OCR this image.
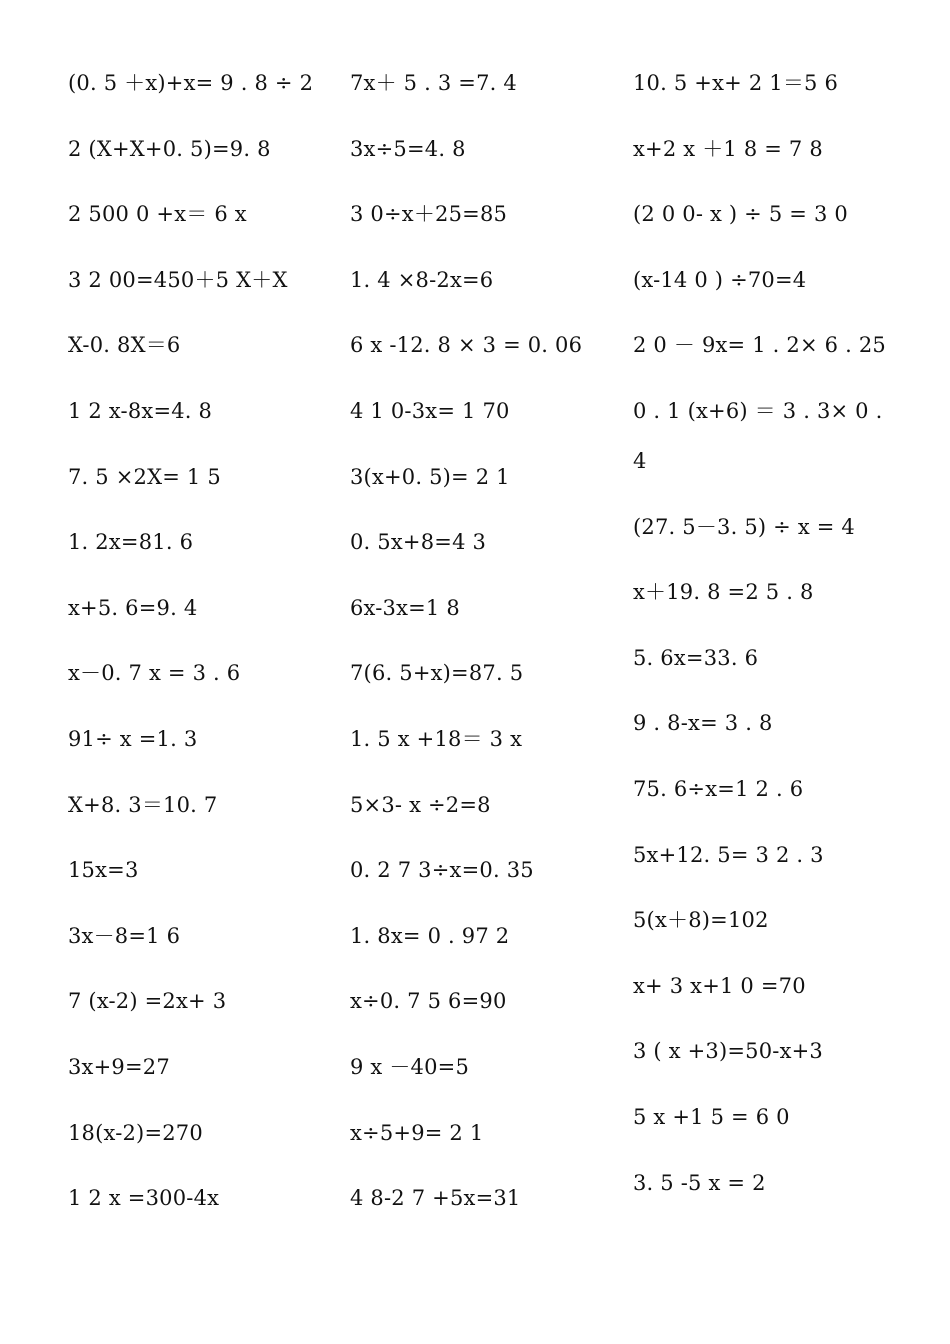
(0. 5 ＋x)+x= 9 . 8 ÷ 2
2 (X+X+0. 5)=9. 8
2 500 0 +x＝ 6 x
3 2 00=450＋5 X＋X
X-0. 8X＝6
1 2 x-8x=4. 8
7. 5 ×2X= 1 5
1. 2x=81. 6
x+5. 6=9. 4
x－0. 7 x = 3 . 6
91÷ x =1. 3
X+8. 3＝10. 7
15x=3
3x－8=1 6
7 (x-2) =2x+ 3
3x+9=27
18(x-2)=270
1 2 x =300-4x
7x＋ 5 . 3 =7. 4
3x÷5=4. 8
3 0÷x＋25=85
1. 4 ×8-2x=6
6 x -12. 8 × 3 = 0. 06
4 1 0-3x= 1 70
3(x+0. 5)= 2 1
0. 5x+8=4 3
6x-3x=1 8
7(6. 5+x)=87. 5
1. 5 x +18＝ 3 x
5×3- x ÷2=8
0. 2 7 3÷x=0. 35
1. 8x= 0 . 97 2
x÷0. 7 5 6=90
9 x －40=5
x÷5+9= 2 1
4 8-2 7 +5x=31
10. 5 +x+ 2 1＝5 6
x+2 x ＋1 8 = 7 8
(2 0 0- x ) ÷ 5 = 3 0
(x-14 0 ) ÷70=4
2 0 － 9x= 1 . 2× 6 . 25
0 . 1 (x+6) ＝ 3 . 3× 0 . 4
(27. 5－3. 5) ÷ x = 4
x＋19. 8 =2 5 . 8
5. 6x=33. 6
9 . 8-x= 3 . 8
75. 6÷x=1 2 . 6
5x+12. 5= 3 2 . 3
5(x＋8)=102
x+ 3 x+1 0 =70
3 ( x +3)=50-x+3
5 x +1 5 = 6 0
3. 5 -5 x = 2
